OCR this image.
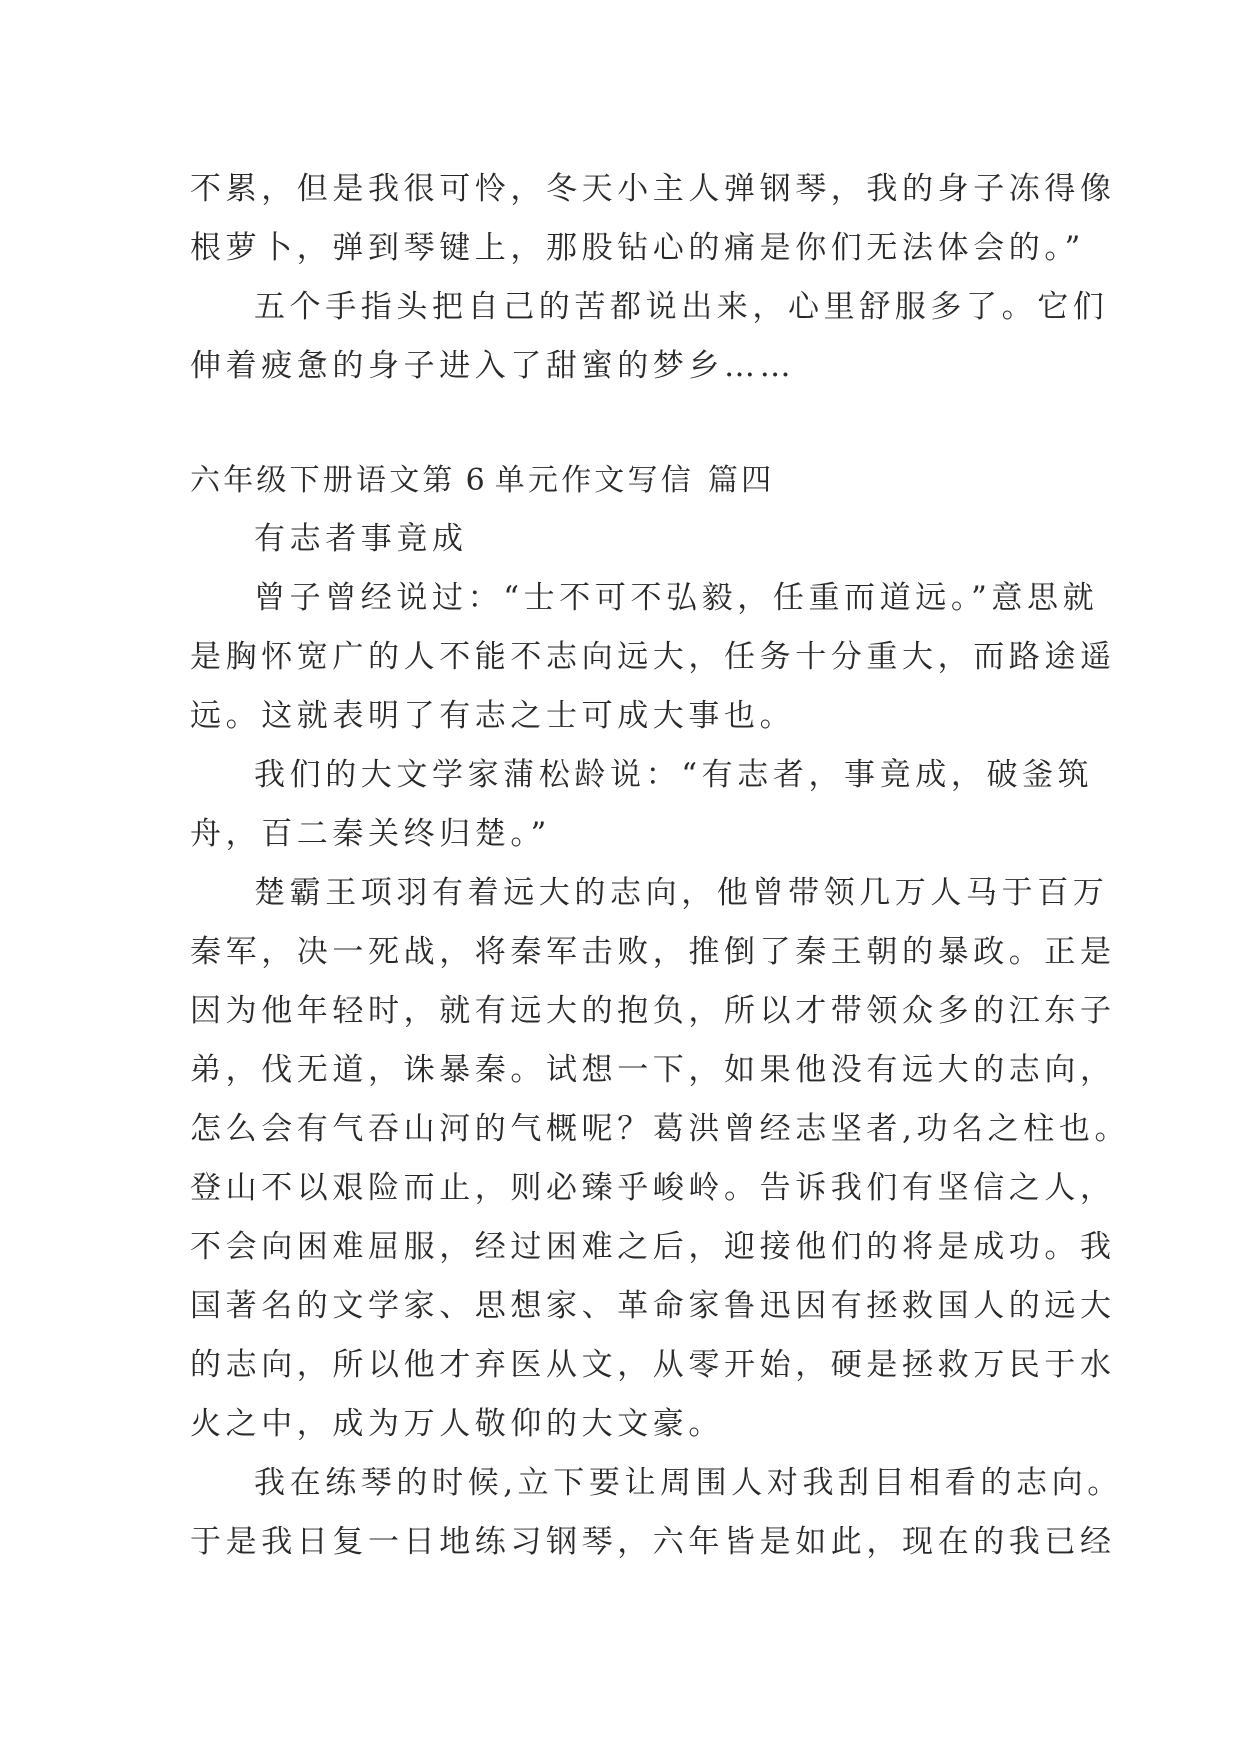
不累，但是我很可怜，冬天小主人弹钢琴，我的身子冻得像
根萝卜，弹到琴键上，那股钻心的痛是你们无法体会的。”
五个手指头把自己的苦都说出来，心里舒服多了。它们
伸着疲惫的身子进入了甜蜜的梦乡……
六年级下册语文第 6 单元作文写信 篇四
有志者事竟成
曾子曾经说过：“士不可不弘毅，任重而道远。”意思就
是胸怀宽广的人不能不志向远大，任务十分重大，而路途遥
远。这就表明了有志之士可成大事也。
我们的大文学家蒲松龄说：“有志者，事竟成，破釜筑
舟，百二秦关终归楚。”
楚霸王项羽有着远大的志向，他曾带领几万人马于百万
秦军，决一死战，将秦军击败，推倒了秦王朝的暴政。正是
因为他年轻时，就有远大的抱负，所以才带领众多的江东子
弟，伐无道，诛暴秦。试想一下，如果他没有远大的志向，
怎么会有气吞山河的气概呢？葛洪曾经志坚者,功名之柱也。
登山不以艰险而止，则必臻乎峻岭。告诉我们有坚信之人，
不会向困难屈服，经过困难之后，迎接他们的将是成功。我
国著名的文学家、思想家、革命家鲁迅因有拯救国人的远大
的志向，所以他才弃医从文，从零开始，硬是拯救万民于水
火之中，成为万人敬仰的大文豪。
我在练琴的时候,立下要让周围人对我刮目相看的志向。
于是我日复一日地练习钢琴，六年皆是如此，现在的我已经
